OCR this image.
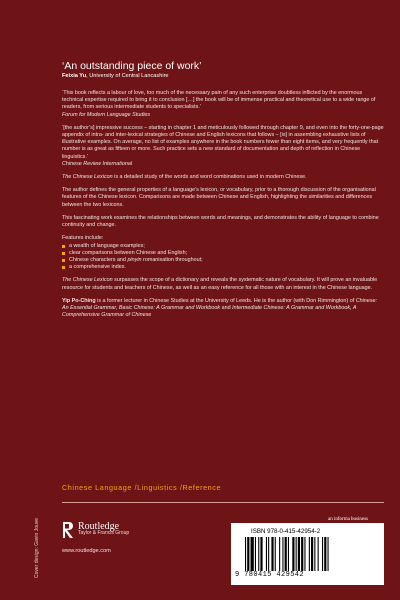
‘An outstanding piece of work’
Feixia Yu, University of Central Lancashire

‘This book reflects a labour of love, too much of the necessary pain of any such enterprise doubtless inflicted by the enormous technical expertise required to bring it to conclusion […] the book will be of immense practical and theoretical use to a wide range of readers, from serious intermediate students to specialists.’
Forum for Modern Language Studies

‘[the author’s] impressive success – starting in chapter 1 and meticulously followed through chapter 9, and even into the forty-one-page appendix of intra- and inter-lexical strategies of Chinese and English lexicons that follows – [is] in assembling exhaustive lists of illustrative examples. On average, no list of examples anywhere in the book numbers fewer than eight items, and very frequently that number is as great as fifteen or more. Such practice sets a new standard of documentation and depth of reflection in Chinese linguistics.’
Chinese Review International

The Chinese Lexicon is a detailed study of the words and word combinations used in modern Chinese.

The author defines the general properties of a language’s lexicon, or vocabulary, prior to a thorough discussion of the organisational features of the Chinese lexicon. Comparisons are made between Chinese and English, highlighting the similarities and differences between the two lexicons.

This fascinating work examines the relationships between words and meanings, and demonstrates the ability of language to combine continuity and change.

Features include:

a wealth of language examples;
clear comparisons between Chinese and English;
Chinese characters and pinyin romanisation throughout;
a comprehensive index.

The Chinese Lexicon surpasses the scope of a dictionary and reveals the systematic nature of vocabulary. It will prove an invaluable resource for students and teachers of Chinese, as well as an easy reference for all those with an interest in the Chinese language.

Yip Po-Ching is a former lecturer in Chinese Studies at the University of Leeds. He is the author (with Don Rimmington) of Chinese: An Essential Grammar, Basic Chinese: A Grammar and Workbook and Intermediate Chinese: A Grammar and Workbook, A Comprehensive Grammar of Chinese

Chinese Language /Linguistics /Reference
Routledge
Taylor & Francis Group
www.routledge.com
Cover design: Gavin Jouve	an informa business
ISBN 978-0-415-42954-2
9 780415 429542
